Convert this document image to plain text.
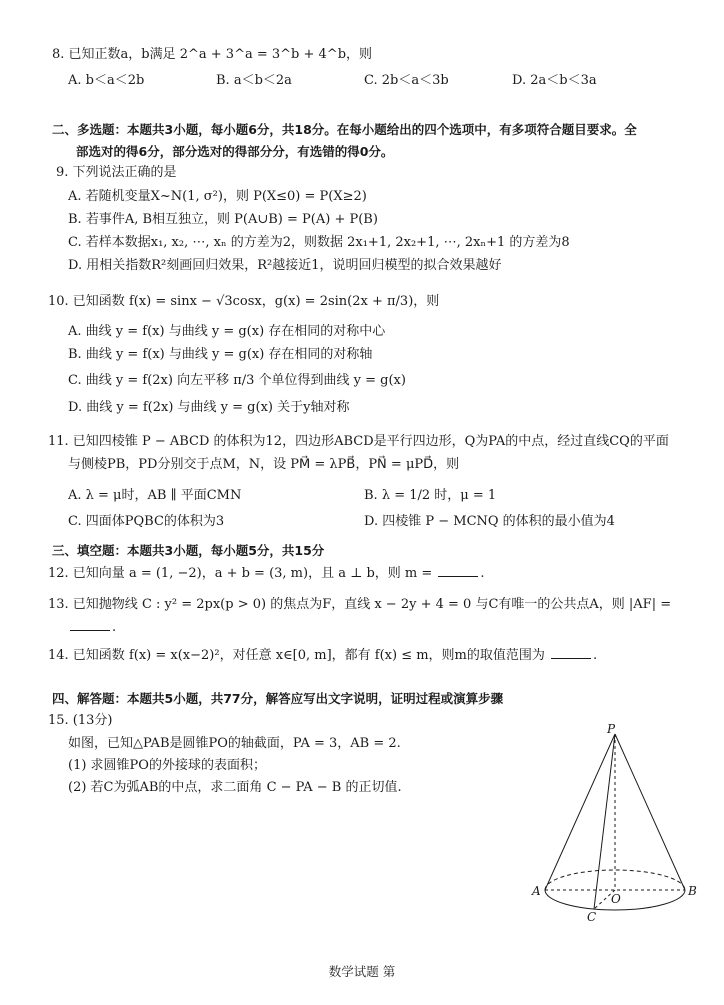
8. 已知正数a，b满足 2^a + 3^a = 3^b + 4^b，则
A. b＜a＜2b	B. a＜b＜2a	C. 2b＜a＜3b	D. 2a＜b＜3a
二、多选题：本题共3小题，每小题6分，共18分。在每小题给出的四个选项中，有多项符合题目要求。全
部选对的得6分，部分选对的得部分分，有选错的得0分。
9. 下列说法正确的是
A. 若随机变量X~N(1, σ²)，则 P(X≤0) = P(X≥2)
B. 若事件A, B相互独立，则 P(A∪B) = P(A) + P(B)
C. 若样本数据x₁, x₂, ⋯, xₙ 的方差为2，则数据 2x₁+1, 2x₂+1, ⋯, 2xₙ+1 的方差为8
D. 用相关指数R²刻画回归效果，R²越接近1，说明回归模型的拟合效果越好
10. 已知函数 f(x) = sinx − √3cosx，g(x) = 2sin(2x + π/3)，则
A. 曲线 y = f(x) 与曲线 y = g(x) 存在相同的对称中心
B. 曲线 y = f(x) 与曲线 y = g(x) 存在相同的对称轴
C. 曲线 y = f(2x) 向左平移 π/3 个单位得到曲线 y = g(x)
D. 曲线 y = f(2x) 与曲线 y = g(x) 关于y轴对称
11. 已知四棱锥 P − ABCD 的体积为12，四边形ABCD是平行四边形，Q为PA的中点，经过直线CQ的平面
与侧棱PB，PD分别交于点M，N，设 PM⃗ = λPB⃗，PN⃗ = μPD⃗，则
A. λ = μ时，AB ∥ 平面CMN	B. λ = 1/2 时，μ = 1
C. 四面体PQBC的体积为3	D. 四棱锥 P − MCNQ 的体积的最小值为4
三、填空题：本题共3小题，每小题5分，共15分
12. 已知向量 a = (1, −2)，a + b = (3, m)，且 a ⊥ b，则 m =	.
13. 已知抛物线 C : y² = 2px(p > 0) 的焦点为F，直线 x − 2y + 4 = 0 与C有唯一的公共点A，则 |AF| =
.
14. 已知函数 f(x) = x(x−2)²，对任意 x∈[0, m]，都有 f(x) ≤ m，则m的取值范围为	.
四、解答题：本题共5小题，共77分，解答应写出文字说明，证明过程或演算步骤
15. (13分)
如图，已知△PAB是圆锥PO的轴截面，PA = 3，AB = 2.
(1) 求圆锥PO的外接球的表面积；
(2) 若C为弧AB的中点，求二面角 C − PA − B 的正切值.
P
A	B
O
C
数学试题 第
